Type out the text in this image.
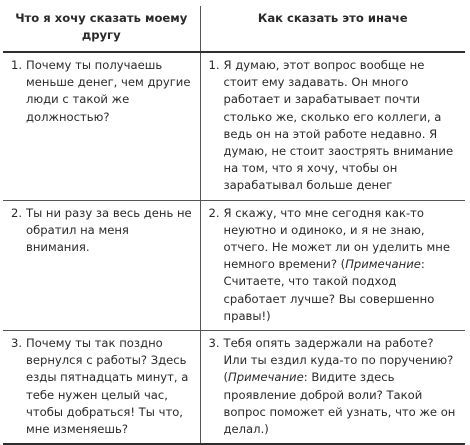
Что я хочу сказать моему другу	Как сказать это иначе

1. Почему ты получаешь меньше денег, чем другие люди с такой же должностью?	1. Я думаю, этот вопрос вообще не стоит ему задавать. Он много работает и зарабатывает почти столько же, сколько его коллеги, а ведь он на этой работе недавно. Я думаю, не стоит заострять внимание на том, что я хочу, чтобы он зарабатывал больше денег

2. Ты ни разу за весь день не обратил на меня внимания.	2. Я скажу, что мне сегодня как-то неуютно и одиноко, и я не знаю, отчего. Не может ли он уделить мне немного времени? (Примечание: Считаете, что такой подход сработает лучше? Вы совершенно правы!)

3. Почему ты так поздно вернулся с работы? Здесь езды пятнадцать минут, а тебе нужен целый час, чтобы добраться! Ты что, мне изменяешь?	3. Тебя опять задержали на работе? Или ты ездил куда-то по поручению? (Примечание: Видите здесь проявление доброй воли? Такой вопрос поможет ей узнать, что же он делал.)
